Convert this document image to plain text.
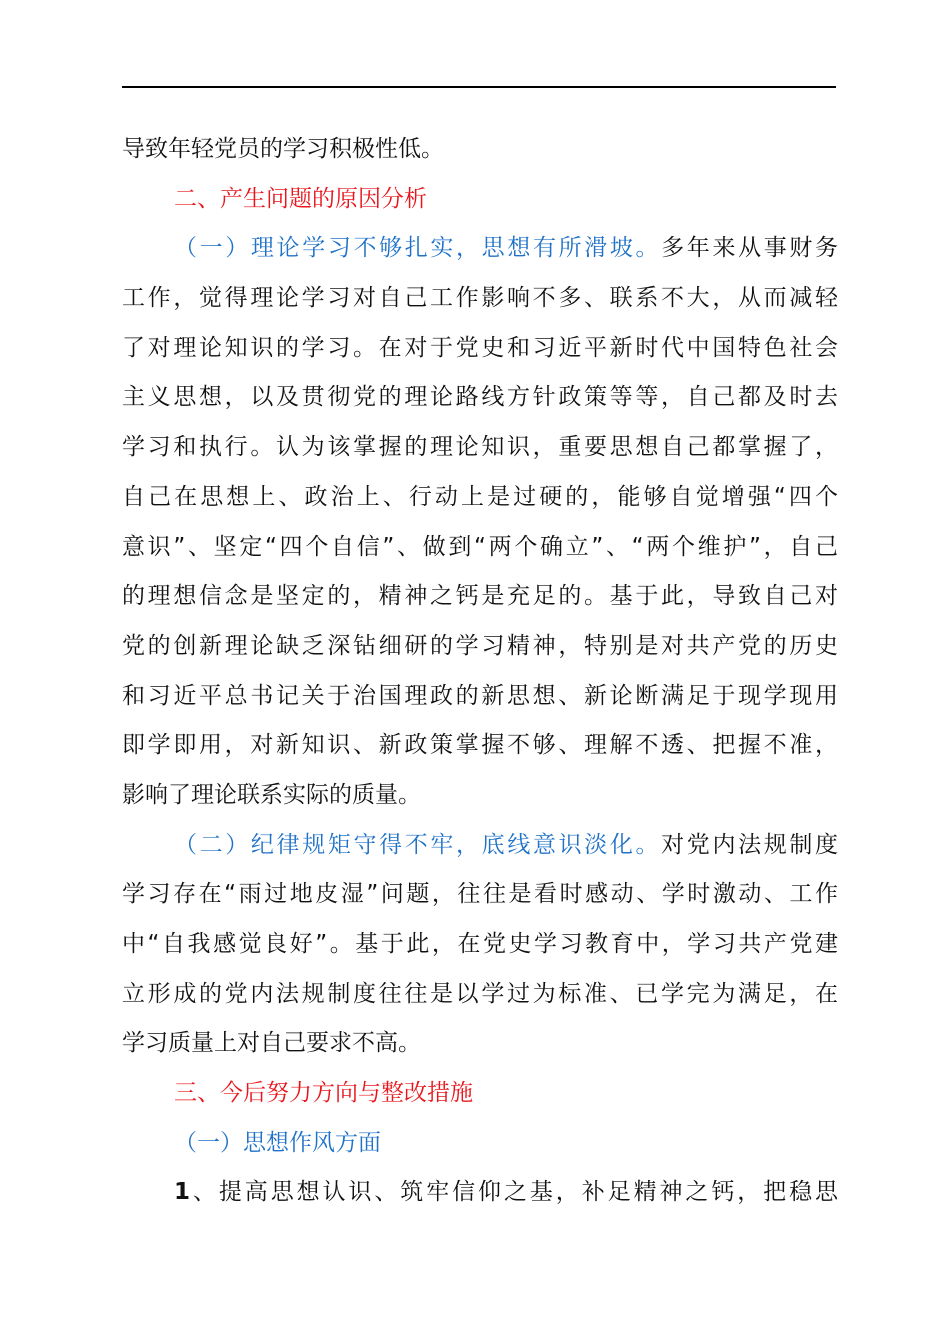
导致年轻党员的学习积极性低。
二、产生问题的原因分析
（一）理论学习不够扎实，思想有所滑坡。多年来从事财务
工作，觉得理论学习对自己工作影响不多、联系不大，从而减轻
了对理论知识的学习。在对于党史和习近平新时代中国特色社会
主义思想，以及贯彻党的理论路线方针政策等等，自己都及时去
学习和执行。认为该掌握的理论知识，重要思想自己都掌握了，
自己在思想上、政治上、行动上是过硬的，能够自觉增强“四个
意识”、坚定“四个自信”、做到“两个确立”、“两个维护”，自己
的理想信念是坚定的，精神之钙是充足的。基于此，导致自己对
党的创新理论缺乏深钻细研的学习精神，特别是对共产党的历史
和习近平总书记关于治国理政的新思想、新论断满足于现学现用
即学即用，对新知识、新政策掌握不够、理解不透、把握不准，
影响了理论联系实际的质量。
（二）纪律规矩守得不牢，底线意识淡化。对党内法规制度
学习存在“雨过地皮湿”问题，往往是看时感动、学时激动、工作
中“自我感觉良好”。基于此，在党史学习教育中，学习共产党建
立形成的党内法规制度往往是以学过为标准、已学完为满足，在
学习质量上对自己要求不高。
三、今后努力方向与整改措施
（一）思想作风方面
1、提高思想认识、筑牢信仰之基，补足精神之钙，把稳思
